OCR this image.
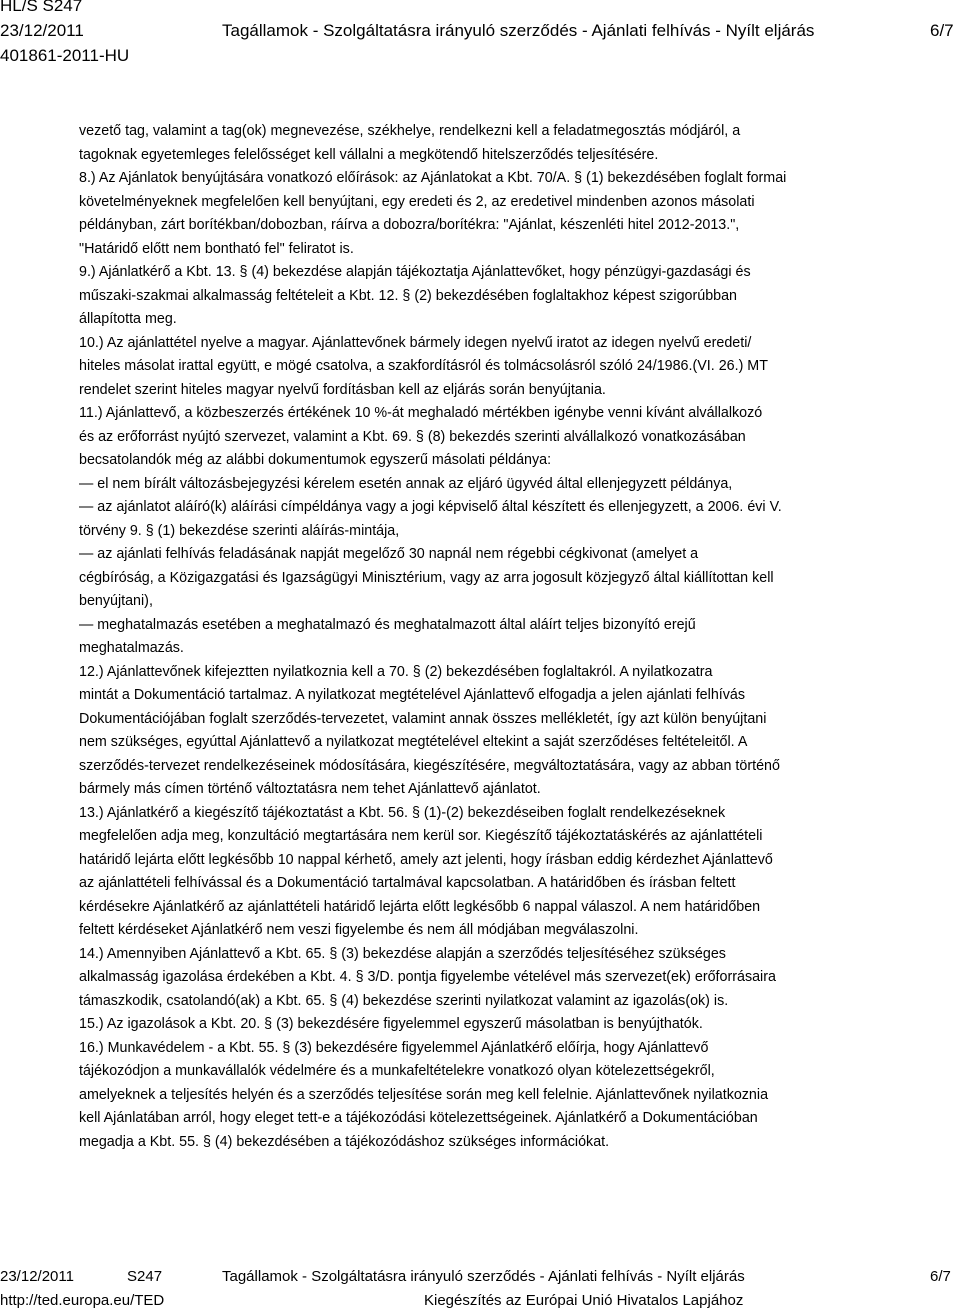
HL/S S247
23/12/2011	Tagállamok - Szolgáltatásra irányuló szerződés - Ajánlati felhívás - Nyílt eljárás	6/7
401861-2011-HU
vezető tag, valamint a tag(ok) megnevezése, székhelye, rendelkezni kell a feladatmegosztás módjáról, a
tagoknak egyetemleges felelősséget kell vállalni a megkötendő hitelszerződés teljesítésére.
8.) Az Ajánlatok benyújtására vonatkozó előírások: az Ajánlatokat a Kbt. 70/A. § (1) bekezdésében foglalt formai
követelményeknek megfelelően kell benyújtani, egy eredeti és 2, az eredetivel mindenben azonos másolati
példányban, zárt borítékban/dobozban, ráírva a dobozra/borítékra: "Ajánlat, készenléti hitel 2012-2013.",
"Határidő előtt nem bontható fel" feliratot is.
9.) Ajánlatkérő a Kbt. 13. § (4) bekezdése alapján tájékoztatja Ajánlattevőket, hogy pénzügyi-gazdasági és
műszaki-szakmai alkalmasság feltételeit a Kbt. 12. § (2) bekezdésében foglaltakhoz képest szigorúbban
állapította meg.
10.) Az ajánlattétel nyelve a magyar. Ajánlattevőnek bármely idegen nyelvű iratot az idegen nyelvű eredeti/
hiteles másolat irattal együtt, e mögé csatolva, a szakfordításról és tolmácsolásról szóló 24/1986.(VI. 26.) MT
rendelet szerint hiteles magyar nyelvű fordításban kell az eljárás során benyújtania.
11.) Ajánlattevő, a közbeszerzés értékének 10 %-át meghaladó mértékben igénybe venni kívánt alvállalkozó
és az erőforrást nyújtó szervezet, valamint a Kbt. 69. § (8) bekezdés szerinti alvállalkozó vonatkozásában
becsatolandók még az alábbi dokumentumok egyszerű másolati példánya:
— el nem bírált változásbejegyzési kérelem esetén annak az eljáró ügyvéd által ellenjegyzett példánya,
— az ajánlatot aláíró(k) aláírási címpéldánya vagy a jogi képviselő által készített és ellenjegyzett, a 2006. évi V.
törvény 9. § (1) bekezdése szerinti aláírás-mintája,
— az ajánlati felhívás feladásának napját megelőző 30 napnál nem régebbi cégkivonat (amelyet a
cégbíróság, a Közigazgatási és Igazságügyi Minisztérium, vagy az arra jogosult közjegyző által kiállítottan kell
benyújtani),
— meghatalmazás esetében a meghatalmazó és meghatalmazott által aláírt teljes bizonyító erejű
meghatalmazás.
12.) Ajánlattevőnek kifejeztten nyilatkoznia kell a 70. § (2) bekezdésében foglaltakról. A nyilatkozatra
mintát a Dokumentáció tartalmaz. A nyilatkozat megtételével Ajánlattevő elfogadja a jelen ajánlati felhívás
Dokumentációjában foglalt szerződés-tervezetet, valamint annak összes mellékletét, így azt külön benyújtani
nem szükséges, egyúttal Ajánlattevő a nyilatkozat megtételével eltekint a saját szerződéses feltételeitől. A
szerződés-tervezet rendelkezéseinek módosítására, kiegészítésére, megváltoztatására, vagy az abban történő
bármely más címen történő változtatásra nem tehet Ajánlattevő ajánlatot.
13.) Ajánlatkérő a kiegészítő tájékoztatást a Kbt. 56. § (1)-(2) bekezdéseiben foglalt rendelkezéseknek
megfelelően adja meg, konzultáció megtartására nem kerül sor. Kiegészítő tájékoztatáskérés az ajánlattételi
határidő lejárta előtt legkésőbb 10 nappal kérhető, amely azt jelenti, hogy írásban eddig kérdezhet Ajánlattevő
az ajánlattételi felhívással és a Dokumentáció tartalmával kapcsolatban. A határidőben és írásban feltett
kérdésekre Ajánlatkérő az ajánlattételi határidő lejárta előtt legkésőbb 6 nappal válaszol. A nem határidőben
feltett kérdéseket Ajánlatkérő nem veszi figyelembe és nem áll módjában megválaszolni.
14.) Amennyiben Ajánlattevő a Kbt. 65. § (3) bekezdése alapján a szerződés teljesítéséhez szükséges
alkalmasság igazolása érdekében a Kbt. 4. § 3/D. pontja figyelembe vételével más szervezet(ek) erőforrásaira
támaszkodik, csatolandó(ak) a Kbt. 65. § (4) bekezdése szerinti nyilatkozat valamint az igazolás(ok) is.
15.) Az igazolások a Kbt. 20. § (3) bekezdésére figyelemmel egyszerű másolatban is benyújthatók.
16.) Munkavédelem - a Kbt. 55. § (3) bekezdésére figyelemmel Ajánlatkérő előírja, hogy Ajánlattevő
tájékozódjon a munkavállalók védelmére és a munkafeltételekre vonatkozó olyan kötelezettségekről,
amelyeknek a teljesítés helyén és a szerződés teljesítése során meg kell felelnie. Ajánlattevőnek nyilatkoznia
kell Ajánlatában arról, hogy eleget tett-e a tájékozódási kötelezettségeinek. Ajánlatkérő a Dokumentációban
megadja a Kbt. 55. § (4) bekezdésében a tájékozódáshoz szükséges információkat.
23/12/2011	S247	Tagállamok - Szolgáltatásra irányuló szerződés - Ajánlati felhívás - Nyílt eljárás	6/7
http://ted.europa.eu/TED	Kiegészítés az Európai Unió Hivatalos Lapjához
